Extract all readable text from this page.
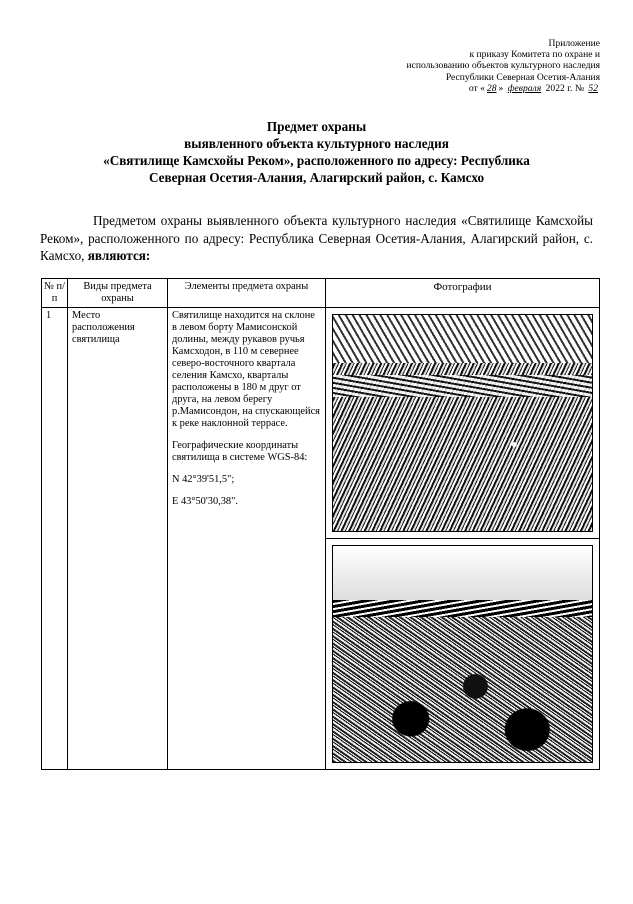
Приложение
к приказу Комитета по охране и
использованию объектов культурного наследия
Республики Северная Осетия-Алания
от « 28 » февраля 2022 г. № 52
Предмет охраны
выявленного объекта культурного наследия
«Святилище Камсхойы Реком», расположенного по адресу: Республика
Северная Осетия-Алания, Алагирский район, с. Камсхо
Предметом охраны выявленного объекта культурного наследия «Святилище Камсхойы Реком», расположенного по адресу: Республика Северная Осетия-Алания, Алагирский район, с. Камсхо, являются:
№ п/п	Виды предмета охраны	Элементы предмета охраны	Фотографии

1	Место расположения святилища	Святилище находится на склоне в левом борту Мамисонской долины, между рукавов ручья Камсходон, в 110 м севернее северо-восточного квартала селения Камсхо, кварталы расположены в 180 м друг от друга, на левом берегу р.Мамисондон, на спускающейся к реке наклонной террасе.

Географические координаты святилища в системе WGS-84:

N 42°39'51,5";

E 43°50'30,38".	
